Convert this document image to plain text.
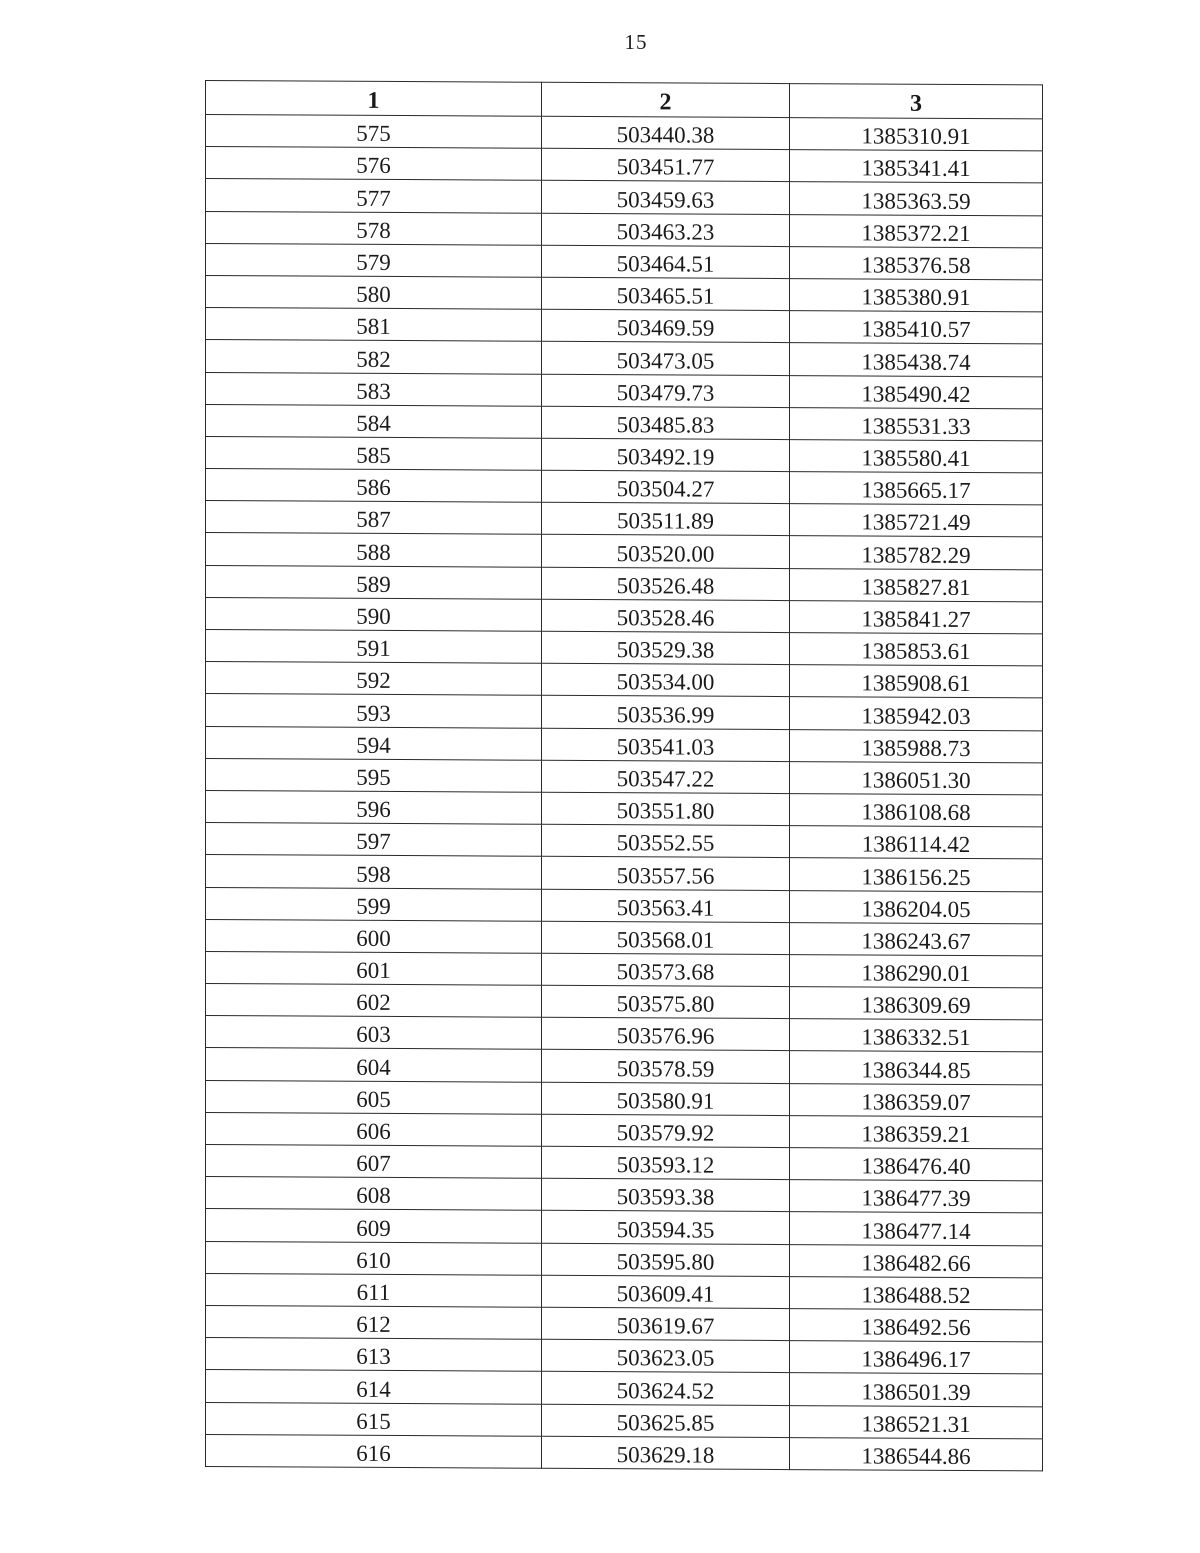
15
1	2	3
575	503440.38	1385310.91
576	503451.77	1385341.41
577	503459.63	1385363.59
578	503463.23	1385372.21
579	503464.51	1385376.58
580	503465.51	1385380.91
581	503469.59	1385410.57
582	503473.05	1385438.74
583	503479.73	1385490.42
584	503485.83	1385531.33
585	503492.19	1385580.41
586	503504.27	1385665.17
587	503511.89	1385721.49
588	503520.00	1385782.29
589	503526.48	1385827.81
590	503528.46	1385841.27
591	503529.38	1385853.61
592	503534.00	1385908.61
593	503536.99	1385942.03
594	503541.03	1385988.73
595	503547.22	1386051.30
596	503551.80	1386108.68
597	503552.55	1386114.42
598	503557.56	1386156.25
599	503563.41	1386204.05
600	503568.01	1386243.67
601	503573.68	1386290.01
602	503575.80	1386309.69
603	503576.96	1386332.51
604	503578.59	1386344.85
605	503580.91	1386359.07
606	503579.92	1386359.21
607	503593.12	1386476.40
608	503593.38	1386477.39
609	503594.35	1386477.14
610	503595.80	1386482.66
611	503609.41	1386488.52
612	503619.67	1386492.56
613	503623.05	1386496.17
614	503624.52	1386501.39
615	503625.85	1386521.31
616	503629.18	1386544.86
